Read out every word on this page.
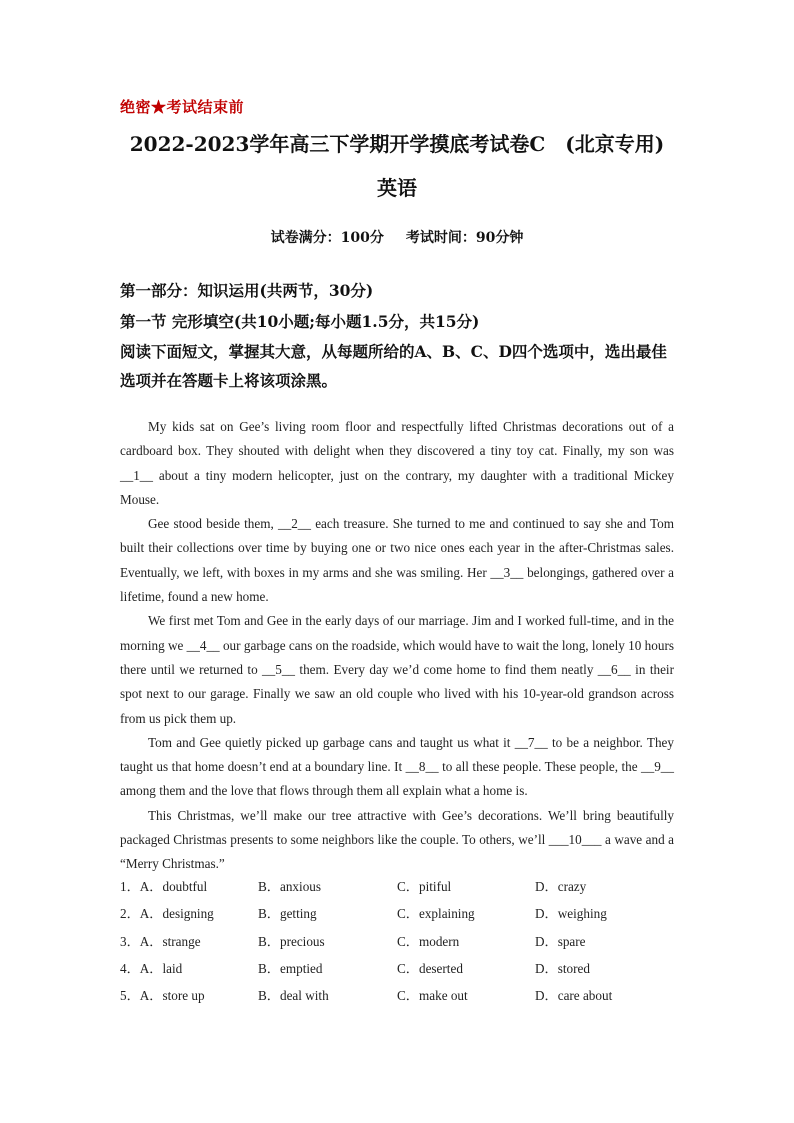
绝密★考试结束前
2022-2023学年高三下学期开学摸底考试卷C　(北京专用)
英语
试卷满分：100分 考试时间：90分钟
第一部分：知识运用(共两节，30分)
第一节 完形填空(共10小题;每小题1.5分，共15分)
阅读下面短文，掌握其大意，从每题所给的A、B、C、D四个选项中，选出最佳选项并在答题卡上将该项涂黑。

My kids sat on Gee’s living room floor and respectfully lifted Christmas decorations out of a cardboard box. They shouted with delight when they discovered a tiny toy cat. Finally, my son was __1__ about a tiny modern helicopter, just on the contrary, my daughter with a traditional Mickey Mouse.

Gee stood beside them, __2__ each treasure. She turned to me and continued to say she and Tom built their collections over time by buying one or two nice ones each year in the after-Christmas sales. Eventually, we left, with boxes in my arms and she was smiling. Her __3__ belongings, gathered over a lifetime, found a new home.

We first met Tom and Gee in the early days of our marriage. Jim and I worked full-time, and in the morning we __4__ our garbage cans on the roadside, which would have to wait the long, lonely 10 hours there until we returned to __5__ them. Every day we’d come home to find them neatly __6__ in their spot next to our garage. Finally we saw an old couple who lived with his 10-year-old grandson across from us pick them up.

Tom and Gee quietly picked up garbage cans and taught us what it __7__ to be a neighbor. They taught us that home doesn’t end at a boundary line. It __8__ to all these people. These people, the __9__ among them and the love that flows through them all explain what a home is.

This Christmas, we’ll make our tree attractive with Gee’s decorations. We’ll bring beautifully packaged Christmas presents to some neighbors like the couple. To others, we’ll ___10___ a wave and a “Merry Christmas.”

1．A．doubtful	B．anxious	C．pitiful	D．crazy
2．A．designing	B．getting	C．explaining	D．weighing
3．A．strange	B．precious	C．modern	D．spare
4．A．laid	B．emptied	C．deserted	D．stored
5．A．store up	B．deal with	C．make out	D．care about
